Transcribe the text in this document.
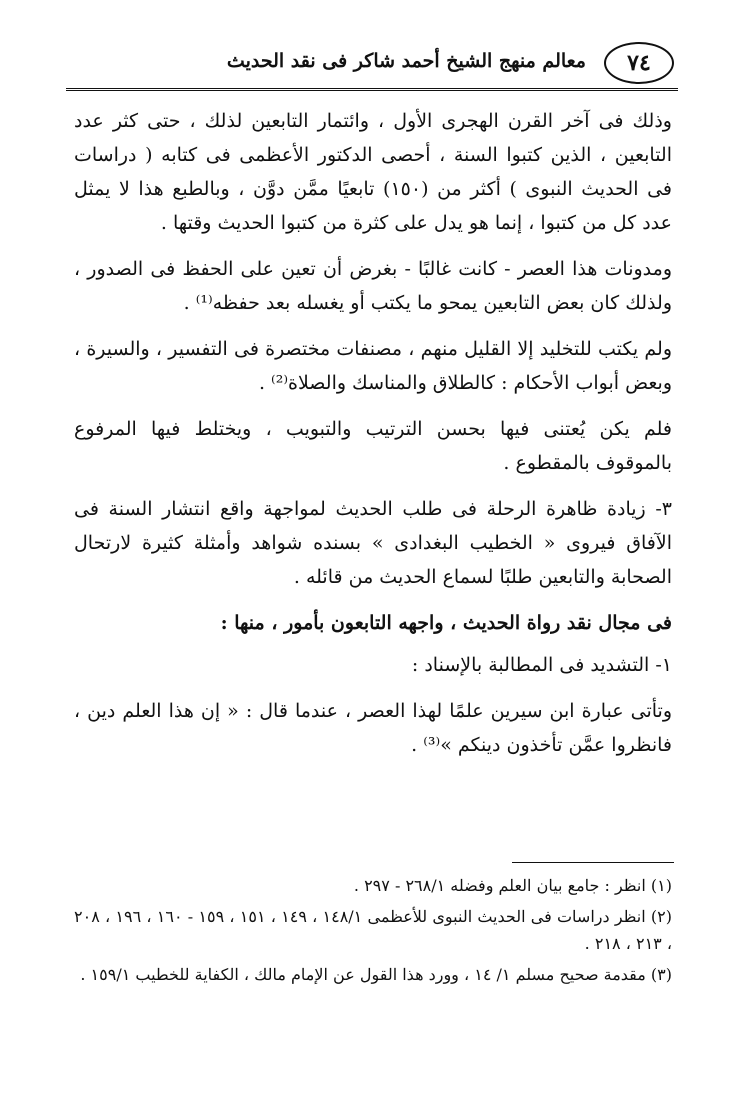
٧٤
معالم منهج الشيخ أحمد شاكر فى نقد الحديث

وذلك فى آخر القرن الهجرى الأول ، وائتمار التابعين لذلك ، حتى كثر عدد التابعين ، الذين كتبوا السنة ، أحصى الدكتور الأعظمى فى كتابه ( دراسات فى الحديث النبوى ) أكثر من (١٥٠) تابعيًا ممَّن دوَّن ، وبالطبع هذا لا يمثل عدد كل من كتبوا ، إنما هو يدل على كثرة من كتبوا الحديث وقتها .

ومدونات هذا العصر - كانت غالبًا - بغرض أن تعين على الحفظ فى الصدور ، ولذلك كان بعض التابعين يمحو ما يكتب أو يغسله بعد حفظه⁽¹⁾ .

ولم يكتب للتخليد إلا القليل منهم ، مصنفات مختصرة فى التفسير ، والسيرة ، وبعض أبواب الأحكام : كالطلاق والمناسك والصلاة⁽²⁾ .

فلم يكن يُعتنى فيها بحسن الترتيب والتبويب ، ويختلط فيها المرفوع بالموقوف بالمقطوع .

٣- زيادة ظاهرة الرحلة فى طلب الحديث لمواجهة واقع انتشار السنة فى الآفاق فيروى « الخطيب البغدادى » بسنده شواهد وأمثلة كثيرة لارتحال الصحابة والتابعين طلبًا لسماع الحديث من قائله .

فى مجال نقد رواة الحديث ، واجهه التابعون بأمور ، منها :

١- التشديد فى المطالبة بالإسناد :

وتأتى عبارة ابن سيرين علمًا لهذا العصر ، عندما قال : « إن هذا العلم دين ، فانظروا عمَّن تأخذون دينكم »⁽³⁾ .

(١) انظر : جامع بيان العلم وفضله ٢٦٨/١ - ٢٩٧ .

(٢) انظر دراسات فى الحديث النبوى للأعظمى ١٤٨/١ ، ١٤٩ ، ١٥١ ، ١٥٩ - ١٦٠ ، ١٩٦ ، ٢٠٨ ، ٢١٣ ، ٢١٨ .

(٣) مقدمة صحيح مسلم ١/ ١٤ ، وورد هذا القول عن الإمام مالك ، الكفاية للخطيب ١٥٩/١ .
